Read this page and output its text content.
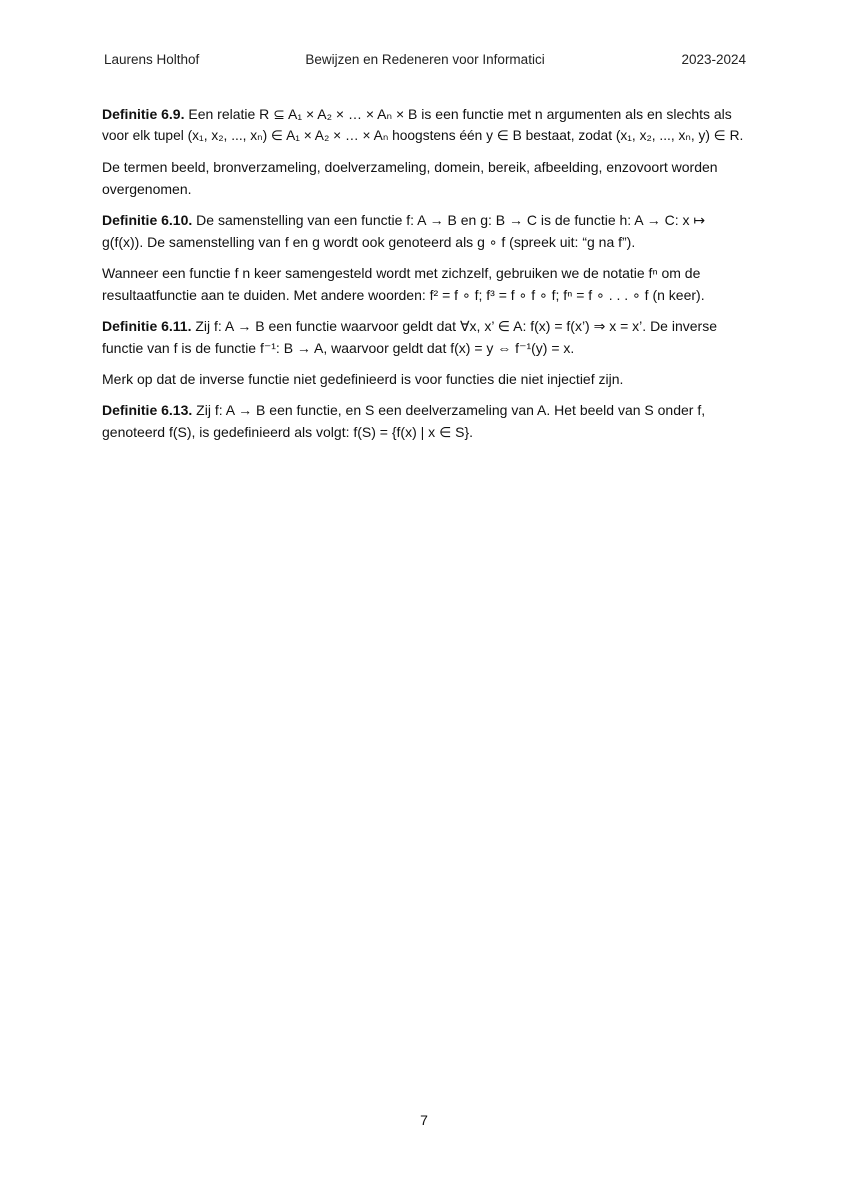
Laurens Holthof	Bewijzen en Redeneren voor Informatici	2023-2024
Definitie 6.9. Een relatie R ⊆ A₁ × A₂ × … × Aₙ × B is een functie met n argumenten als en slechts als
voor elk tupel (x₁, x₂, ..., xₙ) ∈ A₁ × A₂ × … × Aₙ hoogstens één y ∈ B bestaat, zodat (x₁, x₂, ..., xₙ, y) ∈ R.
De termen beeld, bronverzameling, doelverzameling, domein, bereik, afbeelding, enzovoort worden
overgenomen.
Definitie 6.10. De samenstelling van een functie f: A → B en g: B → C is de functie h: A → C: x ↦
g(f(x)). De samenstelling van f en g wordt ook genoteerd als g ∘ f (spreek uit: “g na f”).
Wanneer een functie f n keer samengesteld wordt met zichzelf, gebruiken we de notatie fⁿ om de
resultaatfunctie aan te duiden. Met andere woorden: f² = f ∘ f; f³ = f ∘ f ∘ f; fⁿ = f ∘ . . . ∘ f (n keer).
Definitie 6.11. Zij f: A → B een functie waarvoor geldt dat ∀x, x’ ∈ A: f(x) = f(x’) ⇒ x = x’. De inverse
functie van f is de functie f⁻¹: B → A, waarvoor geldt dat f(x) = y ⇔ f⁻¹(y) = x.
Merk op dat de inverse functie niet gedefinieerd is voor functies die niet injectief zijn.
Definitie 6.13. Zij f: A → B een functie, en S een deelverzameling van A. Het beeld van S onder f,
genoteerd f(S), is gedefinieerd als volgt: f(S) = {f(x) | x ∈ S}.
7
